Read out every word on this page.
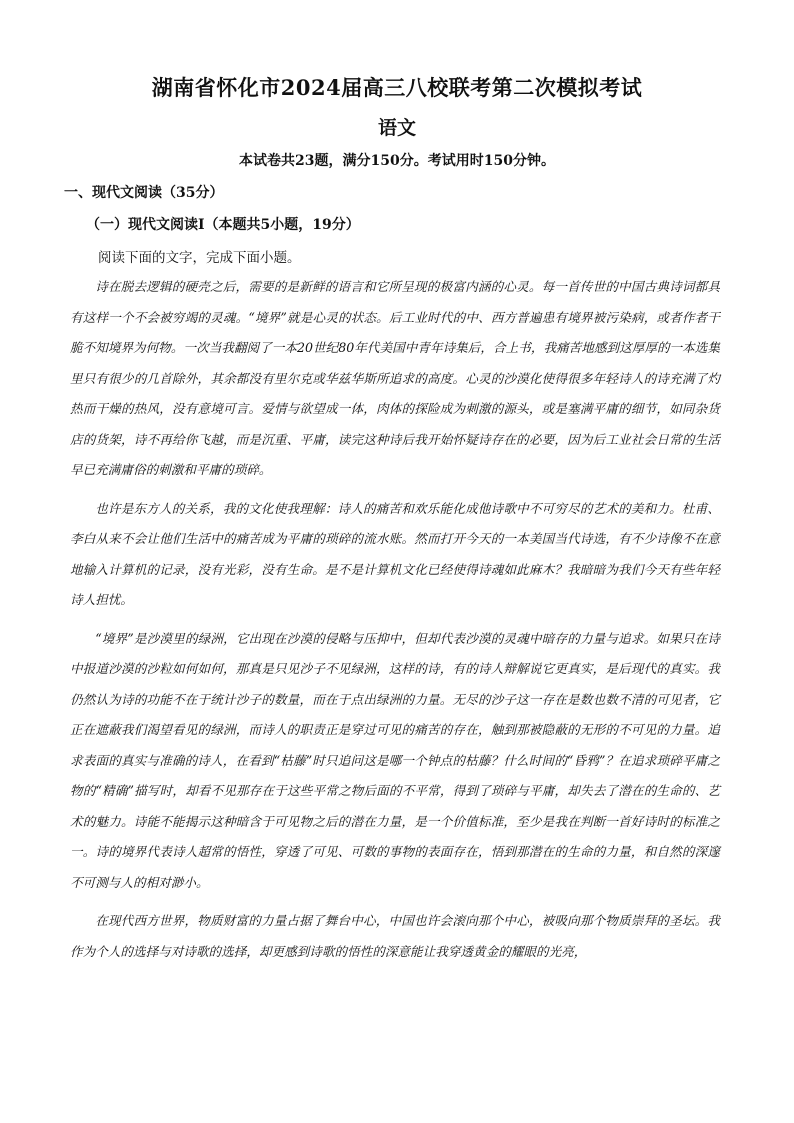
湖南省怀化市2024届高三八校联考第二次模拟考试
语文
本试卷共23题，满分150分。考试用时150分钟。
一、现代文阅读（35分）
（一）现代文阅读Ⅰ（本题共5小题，19分）
阅读下面的文字，完成下面小题。

诗在脱去逻辑的硬壳之后，需要的是新鲜的语言和它所呈现的极富内涵的心灵。每一首传世的中国古典诗词都具有这样一个不会被穷竭的灵魂。“境界”就是心灵的状态。后工业时代的中、西方普遍患有境界被污染病，或者作者干脆不知境界为何物。一次当我翻阅了一本20世纪80年代美国中青年诗集后，合上书，我痛苦地感到这厚厚的一本选集里只有很少的几首除外，其余都没有里尔克或华兹华斯所追求的高度。心灵的沙漠化使得很多年轻诗人的诗充满了灼热而干燥的热风，没有意境可言。爱情与欲望成一体，肉体的探险成为刺激的源头，或是塞满平庸的细节，如同杂货店的货架，诗不再给你飞越，而是沉重、平庸，读完这种诗后我开始怀疑诗存在的必要，因为后工业社会日常的生活早已充满庸俗的刺激和平庸的琐碎。

也许是东方人的关系，我的文化使我理解：诗人的痛苦和欢乐能化成他诗歌中不可穷尽的艺术的美和力。杜甫、李白从来不会让他们生活中的痛苦成为平庸的琐碎的流水账。然而打开今天的一本美国当代诗选，有不少诗像不在意地输入计算机的记录，没有光彩，没有生命。是不是计算机文化已经使得诗魂如此麻木？我暗暗为我们今天有些年轻诗人担忧。

“境界”是沙漠里的绿洲，它出现在沙漠的侵略与压抑中，但却代表沙漠的灵魂中暗存的力量与追求。如果只在诗中报道沙漠的沙粒如何如何，那真是只见沙子不见绿洲，这样的诗，有的诗人辩解说它更真实，是后现代的真实。我仍然认为诗的功能不在于统计沙子的数量，而在于点出绿洲的力量。无尽的沙子这一存在是数也数不清的可见者，它正在遮蔽我们渴望看见的绿洲，而诗人的职责正是穿过可见的痛苦的存在，触到那被隐蔽的无形的不可见的力量。追求表面的真实与准确的诗人，在看到“枯藤”时只追问这是哪一个钟点的枯藤？什么时间的“昏鸦”？在追求琐碎平庸之物的“精确”描写时，却看不见那存在于这些平常之物后面的不平常，得到了琐碎与平庸，却失去了潜在的生命的、艺术的魅力。诗能不能揭示这种暗含于可见物之后的潜在力量，是一个价值标准，至少是我在判断一首好诗时的标准之一。诗的境界代表诗人超常的悟性，穿透了可见、可数的事物的表面存在，悟到那潜在的生命的力量，和自然的深邃不可测与人的相对渺小。

在现代西方世界，物质财富的力量占据了舞台中心，中国也许会滚向那个中心，被吸向那个物质崇拜的圣坛。我作为个人的选择与对诗歌的选择，却更感到诗歌的悟性的深意能让我穿透黄金的耀眼的光亮，
